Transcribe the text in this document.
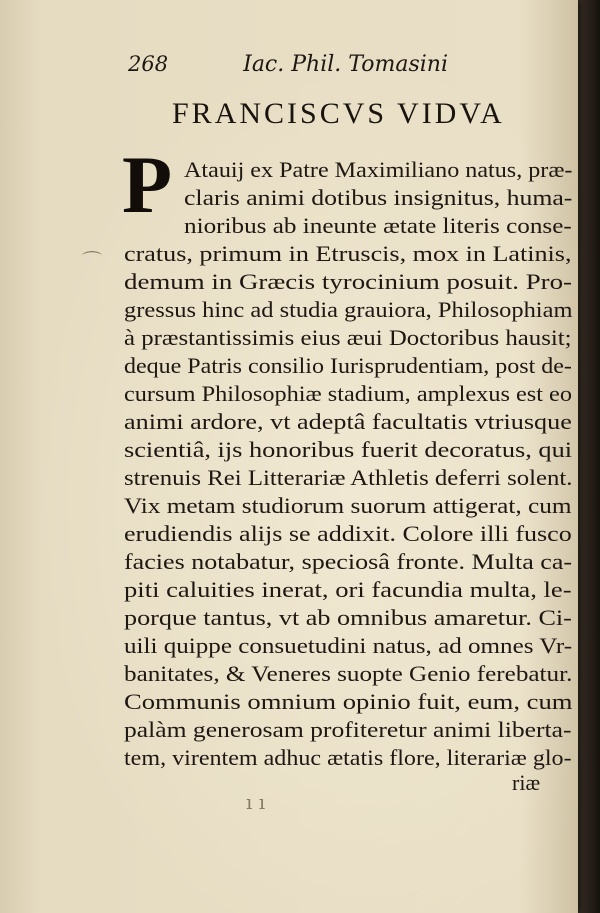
268	Iac. Phil. Tomasini
FRANCISCVS VIDVA
P Atauij ex Patre Maximiliano natus, præ-
claris animi dotibus insignitus, huma-
nioribus ab ineunte ætate literis conse-
cratus, primum in Etruscis, mox in Latinis,
demum in Græcis tyrocinium posuit. Pro-
gressus hinc ad studia grauiora, Philosophiam
à præstantissimis eius æui Doctoribus hausit;
deque Patris consilio Iurisprudentiam, post de-
cursum Philosophiæ stadium, amplexus est eo
animi ardore, vt adeptâ facultatis vtriusque
scientiâ, ijs honoribus fuerit decoratus, qui
strenuis Rei Litterariæ Athletis deferri solent.
Vix metam studiorum suorum attigerat, cum
erudiendis alijs se addixit. Colore illi fusco
facies notabatur, speciosâ fronte. Multa ca-
piti caluities inerat, ori facundia multa, le-
porque tantus, vt ab omnibus amaretur. Ci-
uili quippe consuetudini natus, ad omnes Vr-
banitates, & Veneres suopte Genio ferebatur.
Communis omnium opinio fuit, eum, cum
palàm generosam profiteretur animi liberta-
tem, virentem adhuc ætatis flore, literariæ glo-
riæ
⌒
ı ı
